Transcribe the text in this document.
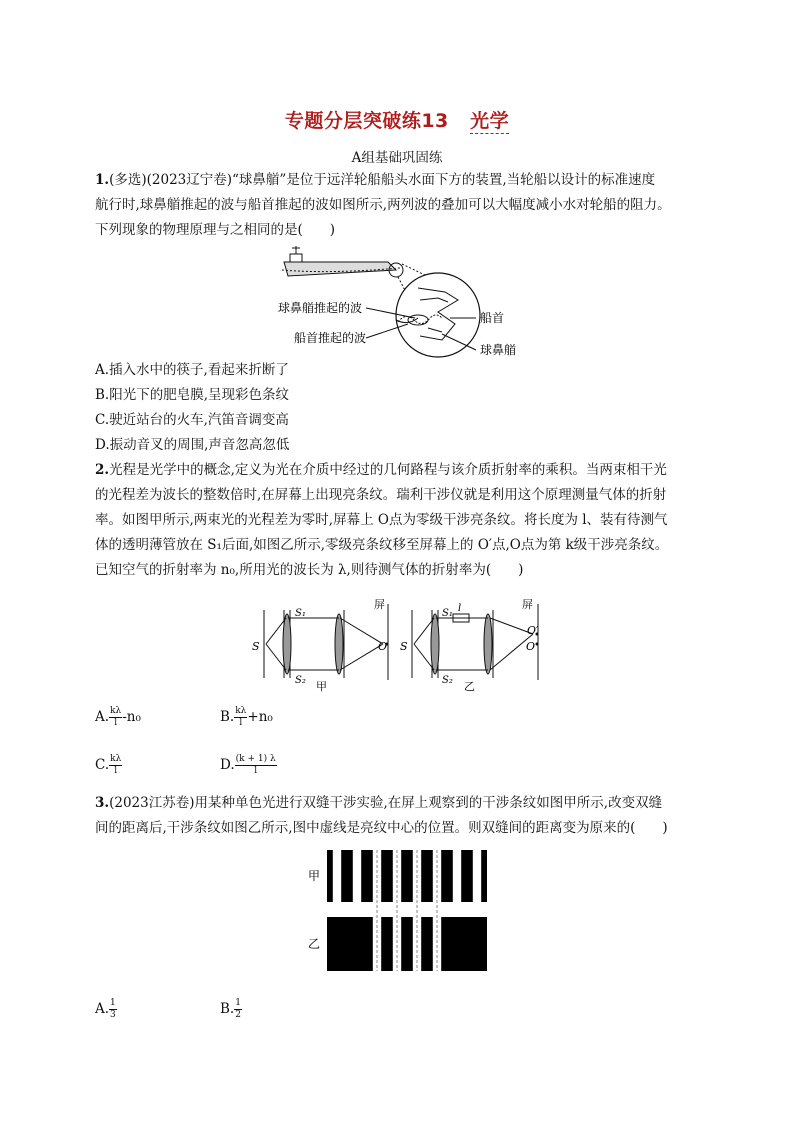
专题分层突破练13 光学
A组基础巩固练
1.(多选)(2023辽宁卷)“球鼻艏”是位于远洋轮船船头水面下方的装置,当轮船以设计的标准速度
航行时,球鼻艏推起的波与船首推起的波如图所示,两列波的叠加可以大幅度减小水对轮船的阻力。
下列现象的物理原理与之相同的是(　　)
球鼻艏推起的波
船首推起的波
船首
球鼻艏
A.插入水中的筷子,看起来折断了
B.阳光下的肥皂膜,呈现彩色条纹
C.驶近站台的火车,汽笛音调变高
D.振动音叉的周围,声音忽高忽低
2.光程是光学中的概念,定义为光在介质中经过的几何路程与该介质折射率的乘积。当两束相干光
的光程差为波长的整数倍时,在屏幕上出现亮条纹。瑞利干涉仪就是利用这个原理测量气体的折射
率。如图甲所示,两束光的光程差为零时,屏幕上 O点为零级干涉亮条纹。将长度为 l、装有待测气
体的透明薄管放在 S₁后面,如图乙所示,零级亮条纹移至屏幕上的 O′点,O点为第 k级干涉亮条纹。
已知空气的折射率为 n₀,所用光的波长为 λ,则待测气体的折射率为(　　)
屏	屏
S	S
S₁
S₂
S₁
S₂
l
O	O
O′
甲	乙
A. $\frac{k\lambda}{l} -n_0$	B. $\frac{k\lambda}{l} +n_0$
C. $\frac{k\lambda}{l}$	D. $\frac{(k + 1) \lambda}{l}$
3.(2023江苏卷)用某种单色光进行双缝干涉实验,在屏上观察到的干涉条纹如图甲所示,改变双缝
间的距离后,干涉条纹如图乙所示,图中虚线是亮纹中心的位置。则双缝间的距离变为原来的(　　)
甲
乙
A. $\frac{1}{3}$	B. $\frac{1}{2}$
